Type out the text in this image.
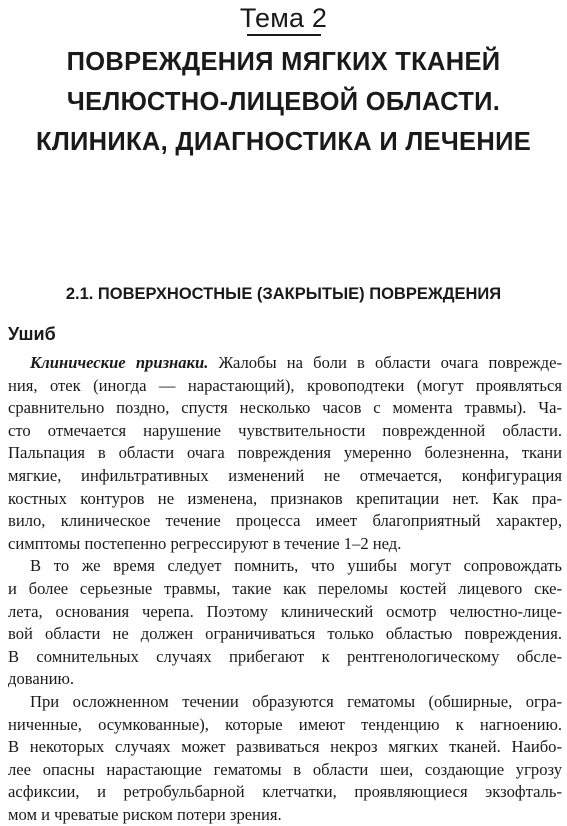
Тема 2
ПОВРЕЖДЕНИЯ МЯГКИХ ТКАНЕЙ
ЧЕЛЮСТНО-ЛИЦЕВОЙ ОБЛАСТИ.
КЛИНИКА, ДИАГНОСТИКА И ЛЕЧЕНИЕ
2.1. ПОВЕРХНОСТНЫЕ (ЗАКРЫТЫЕ) ПОВРЕЖДЕНИЯ
Ушиб
Клинические признаки. Жалобы на боли в области очага поврежде-
ния, отек (иногда — нарастающий), кровоподтеки (могут проявляться
сравнительно поздно, спустя несколько часов с момента травмы). Ча-
сто отмечается нарушение чувствительности поврежденной области.
Пальпация в области очага повреждения умеренно болезненна, ткани
мягкие, инфильтративных изменений не отмечается, конфигурация
костных контуров не изменена, признаков крепитации нет. Как пра-
вило, клиническое течение процесса имеет благоприятный характер,
симптомы постепенно регрессируют в течение 1–2 нед.
В то же время следует помнить, что ушибы могут сопровождать
и более серьезные травмы, такие как переломы костей лицевого ске-
лета, основания черепа. Поэтому клинический осмотр челюстно-лице-
вой области не должен ограничиваться только областью повреждения.
В сомнительных случаях прибегают к рентгенологическому обсле-
дованию.
При осложненном течении образуются гематомы (обширные, огра-
ниченные, осумкованные), которые имеют тенденцию к нагноению.
В некоторых случаях может развиваться некроз мягких тканей. Наибо-
лее опасны нарастающие гематомы в области шеи, создающие угрозу
асфиксии, и ретробульбарной клетчатки, проявляющиеся экзофталь-
мом и чреватые риском потери зрения.
